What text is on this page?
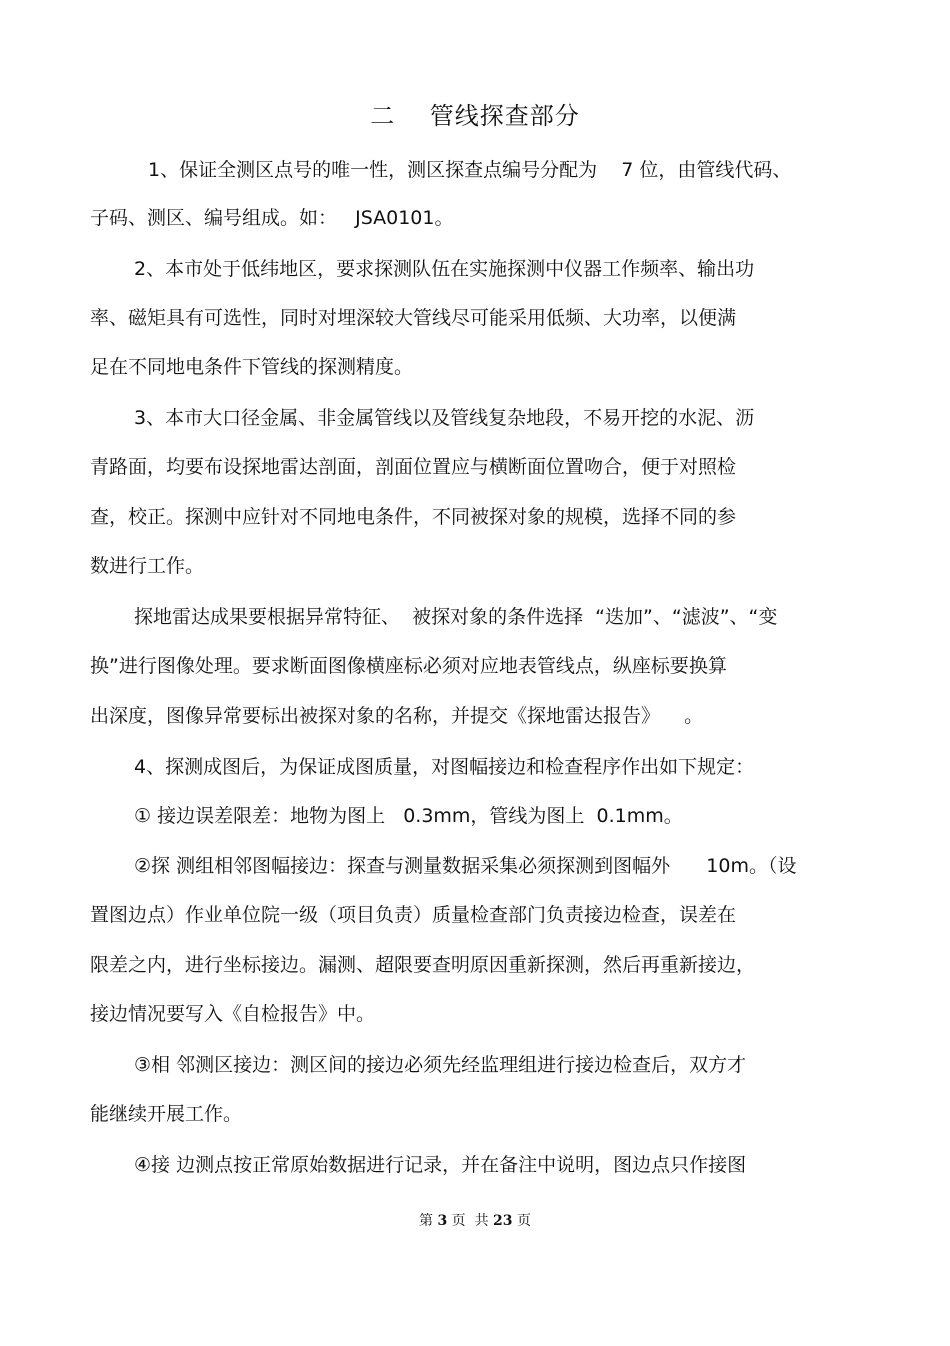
二    管线探查部分
1、保证全测区点号的唯一性，测区探查点编号分配为    7 位，由管线代码、
子码、测区、编号组成。如：   JSA0101。
2、本市处于低纬地区，要求探测队伍在实施探测中仪器工作频率、输出功
率、磁矩具有可选性，同时对埋深较大管线尽可能采用低频、大功率，以便满
足在不同地电条件下管线的探测精度。
3、本市大口径金属、非金属管线以及管线复杂地段，不易开挖的水泥、沥
青路面，均要布设探地雷达剖面，剖面位置应与横断面位置吻合，便于对照检
查，校正。探测中应针对不同地电条件，不同被探对象的规模，选择不同的参
数进行工作。
探地雷达成果要根据异常特征、  被探对象的条件选择  “迭加”、“滤波”、“变
换”进行图像处理。要求断面图像横座标必须对应地表管线点，纵座标要换算
出深度，图像异常要标出被探对象的名称，并提交《探地雷达报告》    。
4、探测成图后，为保证成图质量，对图幅接边和检查程序作出如下规定：
① 接边误差限差：地物为图上   0.3mm，管线为图上  0.1mm。
②探 测组相邻图幅接边：探查与测量数据采集必须探测到图幅外      10m。（设
置图边点）作业单位院一级（项目负责）质量检查部门负责接边检查，误差在
限差之内，进行坐标接边。漏测、超限要查明原因重新探测，然后再重新接边，
接边情况要写入《自检报告》中。
③相 邻测区接边：测区间的接边必须先经监理组进行接边检查后，双方才
能继续开展工作。
④接 边测点按正常原始数据进行记录，并在备注中说明，图边点只作接图
第 3 页  共 23 页
